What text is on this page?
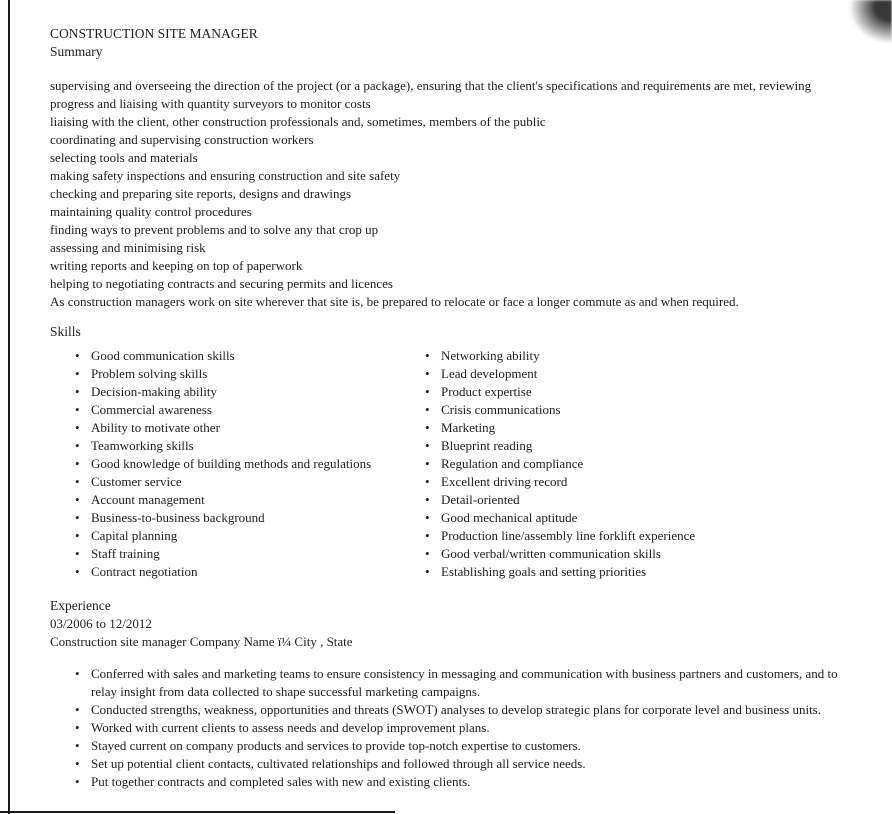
CONSTRUCTION SITE MANAGER
Summary

supervising and overseeing the direction of the project (or a package), ensuring that the client's specifications and requirements are met, reviewing progress and liaising with quantity surveyors to monitor costs

liaising with the client, other construction professionals and, sometimes, members of the public

coordinating and supervising construction workers

selecting tools and materials

making safety inspections and ensuring construction and site safety

checking and preparing site reports, designs and drawings

maintaining quality control procedures

finding ways to prevent problems and to solve any that crop up

assessing and minimising risk

writing reports and keeping on top of paperwork

helping to negotiating contracts and securing permits and licences

As construction managers work on site wherever that site is, be prepared to relocate or face a longer commute as and when required.

Skills
• Good communication skills
• Problem solving skills
• Decision-making ability
• Commercial awareness
• Ability to motivate other
• Teamworking skills
• Good knowledge of building methods and regulations
• Customer service
• Account management
• Business-to-business background
• Capital planning
• Staff training
• Contract negotiation
• Networking ability
• Lead development
• Product expertise
• Crisis communications
• Marketing
• Blueprint reading
• Regulation and compliance
• Excellent driving record
• Detail-oriented
• Good mechanical aptitude
• Production line/assembly line forklift experience
• Good verbal/written communication skills
• Establishing goals and setting priorities
Experience

03/2006 to 12/2012

Construction site manager Company Name ï¼ City , State

• Conferred with sales and marketing teams to ensure consistency in messaging and communication with business partners and customers, and to relay insight from data collected to shape successful marketing campaigns.
• Conducted strengths, weakness, opportunities and threats (SWOT) analyses to develop strategic plans for corporate level and business units.
• Worked with current clients to assess needs and develop improvement plans.
• Stayed current on company products and services to provide top-notch expertise to customers.
• Set up potential client contacts, cultivated relationships and followed through all service needs.
• Put together contracts and completed sales with new and existing clients.
